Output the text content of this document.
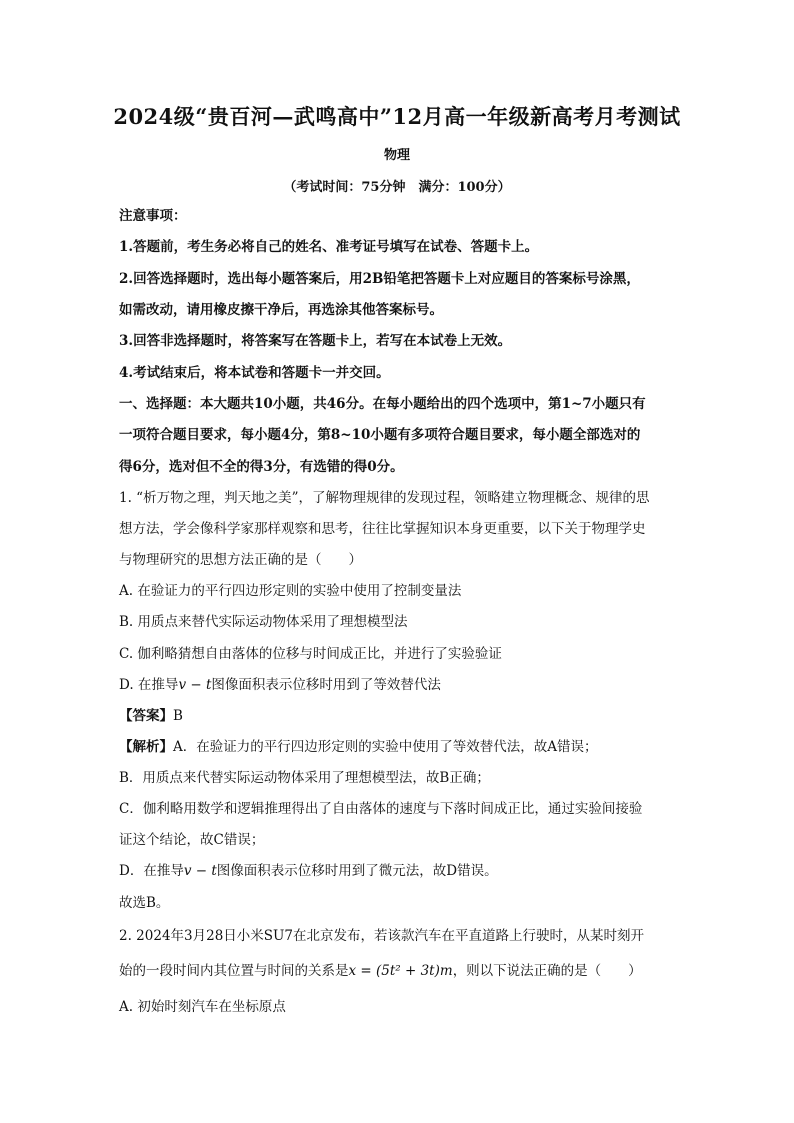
2024级“贵百河—武鸣高中”12月高一年级新高考月考测试
物理
（考试时间：75分钟　满分：100分）
注意事项：
1.答题前，考生务必将自己的姓名、准考证号填写在试卷、答题卡上。
2.回答选择题时，选出每小题答案后，用2B铅笔把答题卡上对应题目的答案标号涂黑，
如需改动，请用橡皮擦干净后，再选涂其他答案标号。
3.回答非选择题时，将答案写在答题卡上，若写在本试卷上无效。
4.考试结束后，将本试卷和答题卡一并交回。
一、选择题：本大题共10小题，共46分。在每小题给出的四个选项中，第1~7小题只有
一项符合题目要求，每小题4分，第8~10小题有多项符合题目要求，每小题全部选对的
得6分，选对但不全的得3分，有选错的得0分。
1. “析万物之理，判天地之美”，了解物理规律的发现过程，领略建立物理概念、规律的思
想方法，学会像科学家那样观察和思考，往往比掌握知识本身更重要，以下关于物理学史
与物理研究的思想方法正确的是（　　）
A. 在验证力的平行四边形定则的实验中使用了控制变量法
B. 用质点来替代实际运动物体采用了理想模型法
C. 伽利略猜想自由落体的位移与时间成正比，并进行了实验验证
D. 在推导v − t图像面积表示位移时用到了等效替代法
【答案】B
【解析】A．在验证力的平行四边形定则的实验中使用了等效替代法，故A错误；
B．用质点来代替实际运动物体采用了理想模型法，故B正确；
C．伽利略用数学和逻辑推理得出了自由落体的速度与下落时间成正比，通过实验间接验
证这个结论，故C错误；
D．在推导v − t图像面积表示位移时用到了微元法，故D错误。
故选B。
2. 2024年3月28日小米SU7在北京发布，若该款汽车在平直道路上行驶时，从某时刻开
始的一段时间内其位置与时间的关系是x = (5t² + 3t)m，则以下说法正确的是（　　）
A. 初始时刻汽车在坐标原点
